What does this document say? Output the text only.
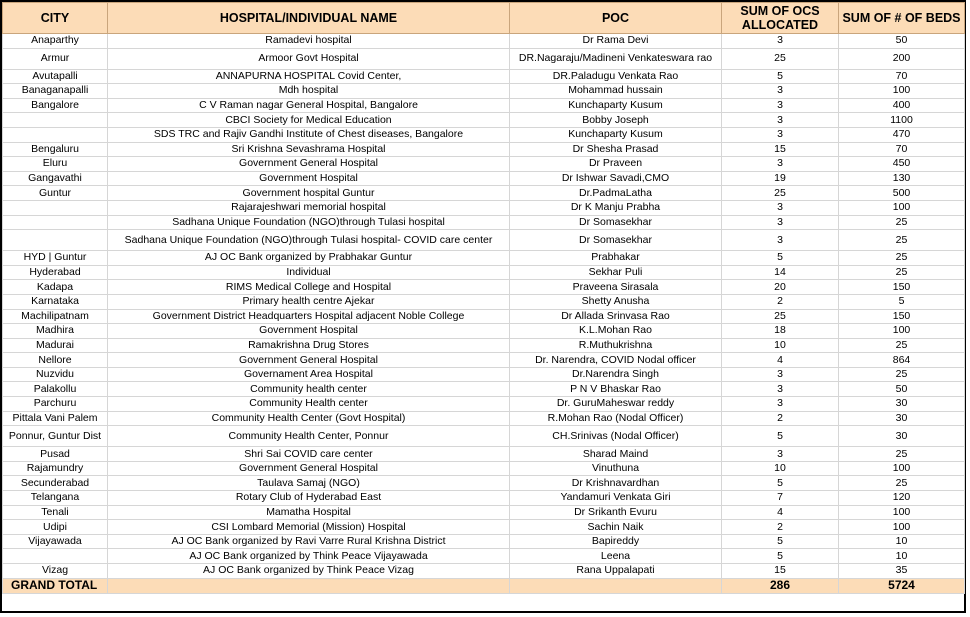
CITY	HOSPITAL/INDIVIDUAL NAME	POC	SUM OF OCS ALLOCATED	SUM OF # OF BEDS
Anaparthy	Ramadevi hospital	Dr Rama Devi	3	50
Armur	Armoor Govt Hospital	DR.Nagaraju/Madineni Venkateswara rao	25	200
Avutapalli	ANNAPURNA HOSPITAL Covid Center,	DR.Paladugu Venkata Rao	5	70
Banaganapalli	Mdh hospital	Mohammad hussain	3	100
Bangalore	C V Raman nagar General Hospital, Bangalore	Kunchaparty Kusum	3	400
	CBCI Society for Medical Education	Bobby Joseph	3	1100
	SDS TRC and Rajiv Gandhi Institute of Chest diseases, Bangalore	Kunchaparty Kusum	3	470
Bengaluru	Sri Krishna Sevashrama Hospital	Dr Shesha Prasad	15	70
Eluru	Government General Hospital	Dr Praveen	3	450
Gangavathi	Government Hospital	Dr Ishwar Savadi,CMO	19	130
Guntur	Government hospital Guntur	Dr.PadmaLatha	25	500
	Rajarajeshwari memorial hospital	Dr K Manju Prabha	3	100
	Sadhana Unique Foundation (NGO)through Tulasi hospital	Dr Somasekhar	3	25
	Sadhana Unique Foundation (NGO)through Tulasi hospital- COVID care center	Dr Somasekhar	3	25
HYD | Guntur	AJ OC Bank organized by Prabhakar Guntur	Prabhakar	5	25
Hyderabad	Individual	Sekhar Puli	14	25
Kadapa	RIMS Medical College and Hospital	Praveena Sirasala	20	150
Karnataka	Primary health centre Ajekar	Shetty Anusha	2	5
Machilipatnam	Government District Headquarters Hospital adjacent Noble College	Dr Allada Srinvasa Rao	25	150
Madhira	Government Hospital	K.L.Mohan Rao	18	100
Madurai	Ramakrishna Drug Stores	R.Muthukrishna	10	25
Nellore	Government General Hospital	Dr. Narendra, COVID Nodal officer	4	864
Nuzvidu	Governament Area Hospital	Dr.Narendra Singh	3	25
Palakollu	Community health center	P N V Bhaskar Rao	3	50
Parchuru	Community Health center	Dr. GuruMaheswar reddy	3	30
Pittala Vani Palem	Community Health Center (Govt Hospital)	R.Mohan Rao (Nodal Officer)	2	30
Ponnur, Guntur Dist	Community Health Center, Ponnur	CH.Srinivas (Nodal Officer)	5	30
Pusad	Shri Sai COVID care center	Sharad Maind	3	25
Rajamundry	Government General Hospital	Vinuthuna	10	100
Secunderabad	Taulava Samaj (NGO)	Dr Krishnavardhan	5	25
Telangana	Rotary Club of Hyderabad East	Yandamuri Venkata Giri	7	120
Tenali	Mamatha Hospital	Dr Srikanth Evuru	4	100
Udipi	CSI Lombard Memorial (Mission) Hospital	Sachin Naik	2	100
Vijayawada	AJ OC Bank organized by Ravi Varre Rural Krishna District	Bapireddy	5	10
	AJ OC Bank organized by Think Peace Vijayawada	Leena	5	10
Vizag	AJ OC Bank organized by Think Peace Vizag	Rana Uppalapati	15	35
GRAND TOTAL			286	5724
